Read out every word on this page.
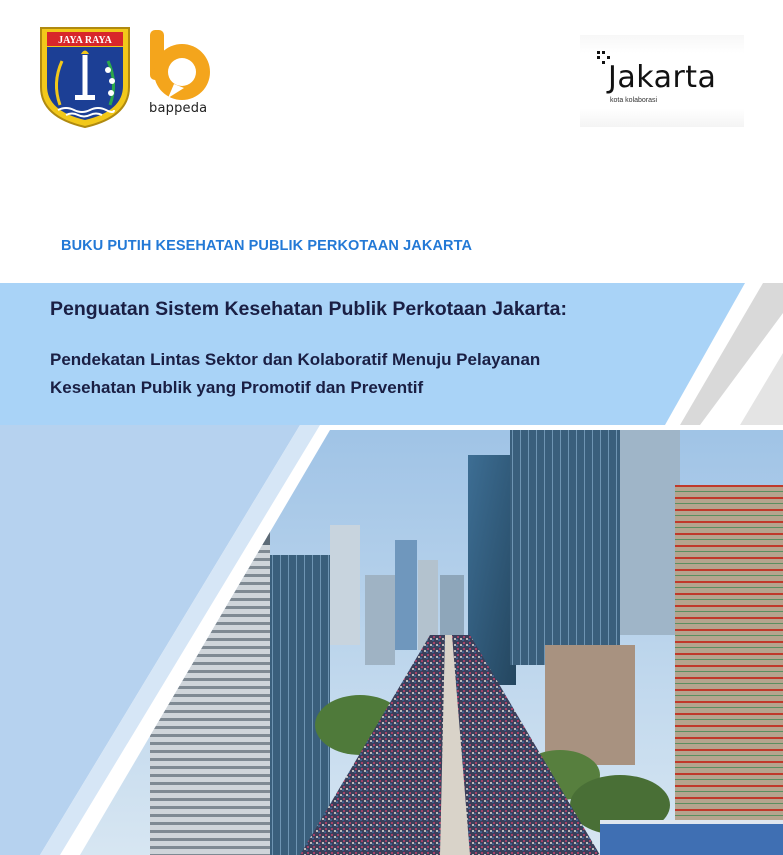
JAYA RAYA
bappeda
Jakarta
kota kolaborasi
BUKU PUTIH KESEHATAN PUBLIK PERKOTAAN JAKARTA
Penguatan Sistem Kesehatan Publik Perkotaan Jakarta:
Pendekatan Lintas Sektor dan Kolaboratif Menuju Pelayanan
Kesehatan Publik yang Promotif dan Preventif
